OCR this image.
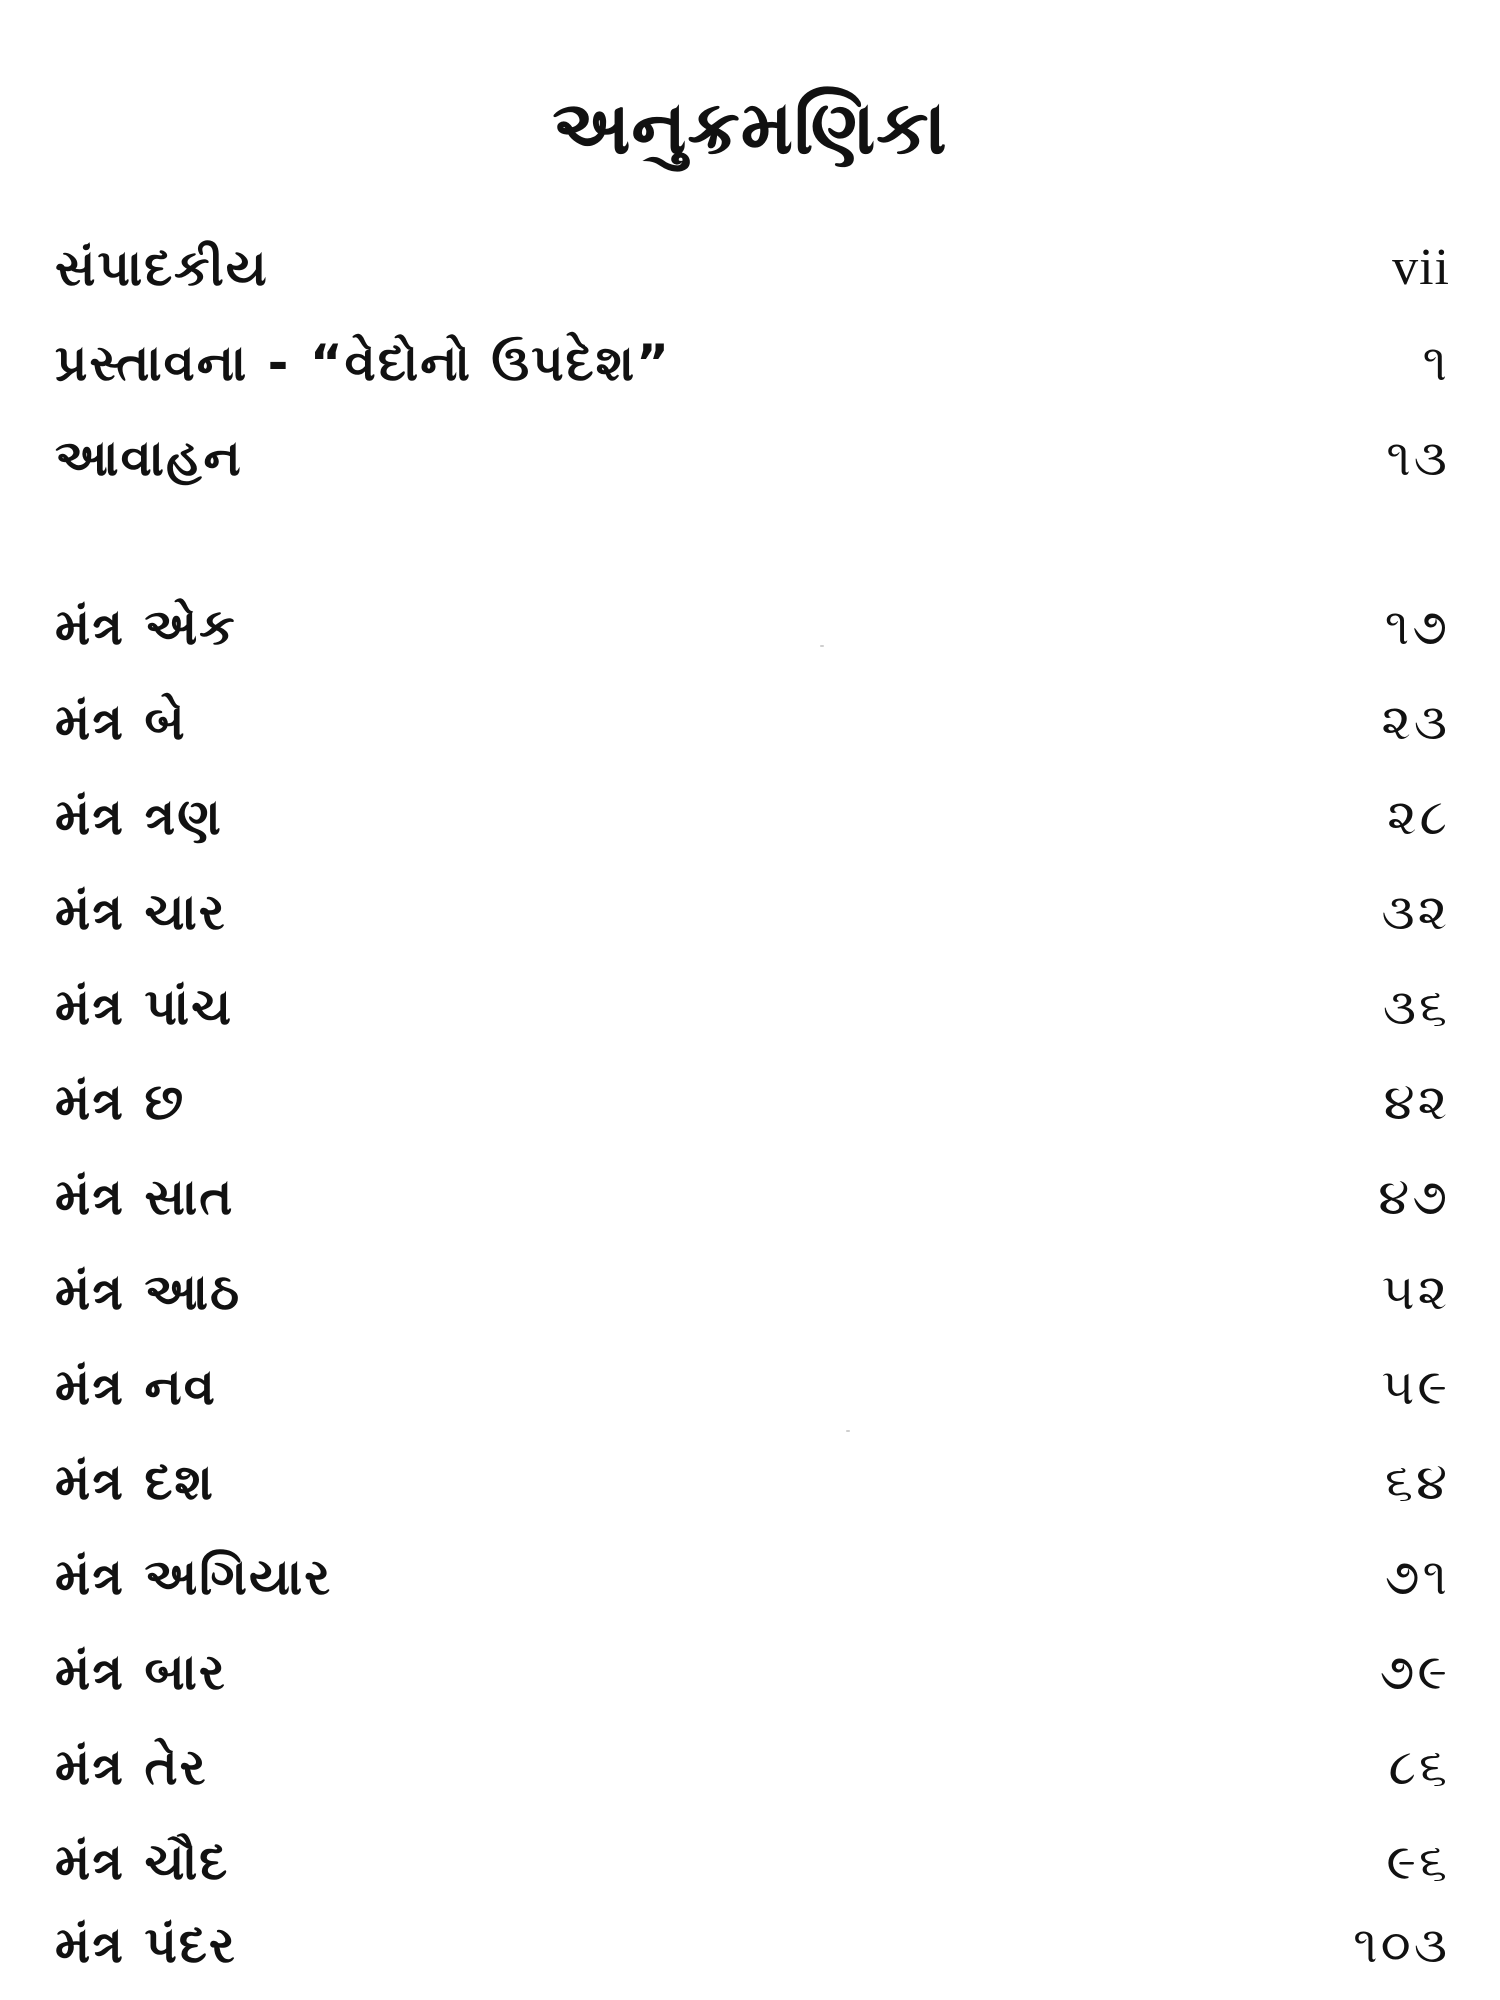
અનુક્રમણિકા
સંપાદકીય	vii
પ્રસ્તાવના - “વેદોનો ઉપદેશ”	૧
આવાહન	૧૩
મંત્ર એક	૧૭
મંત્ર બે	૨૩
મંત્ર ત્રણ	૨૮
મંત્ર ચાર	૩૨
મંત્ર પાંચ	૩૬
મંત્ર છ	૪૨
મંત્ર સાત	૪૭
મંત્ર આઠ	૫૨
મંત્ર નવ	૫૯
મંત્ર દશ	૬૪
મંત્ર અગિયાર	૭૧
મંત્ર બાર	૭૯
મંત્ર તેર	૮૬
મંત્ર ચૌદ	૯૬
મંત્ર પંદર	૧૦૩
